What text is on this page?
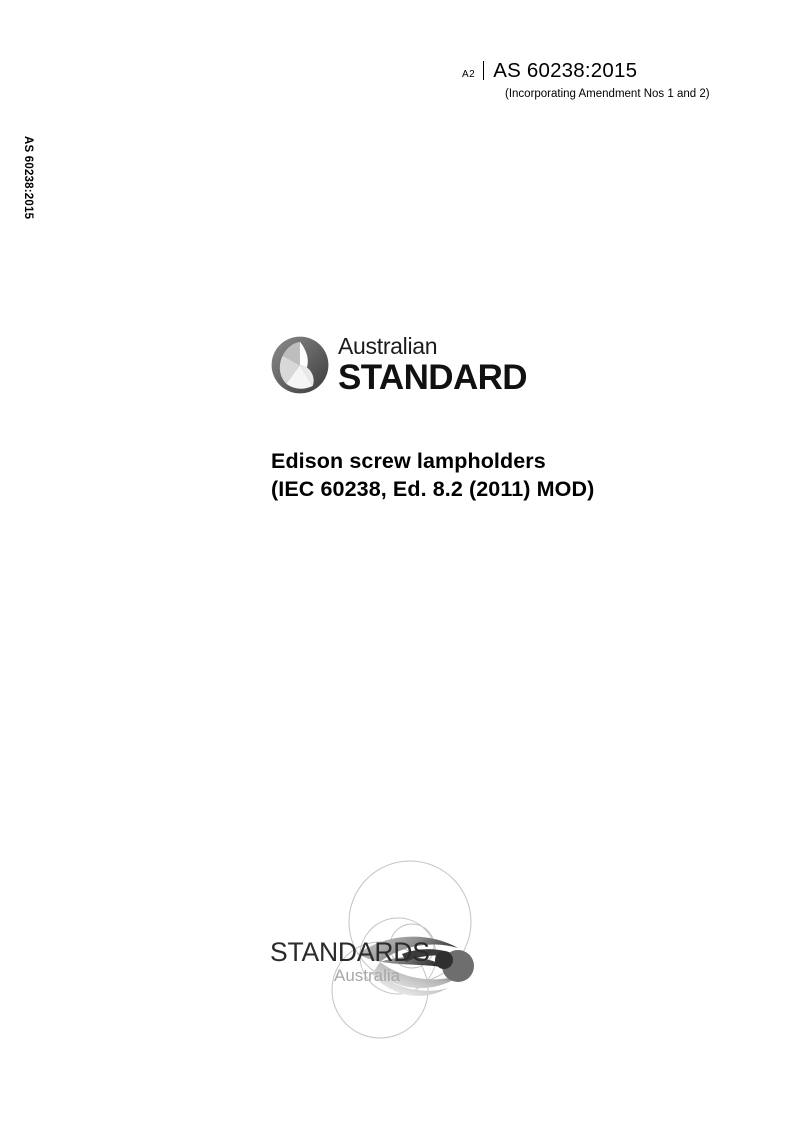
A2 AS 60238:2015
(Incorporating Amendment Nos 1 and 2)
AS 60238:2015
Australian
STANDARD
Edison screw lampholders
(IEC 60238, Ed. 8.2 (2011) MOD)
STANDARDS
Australia
